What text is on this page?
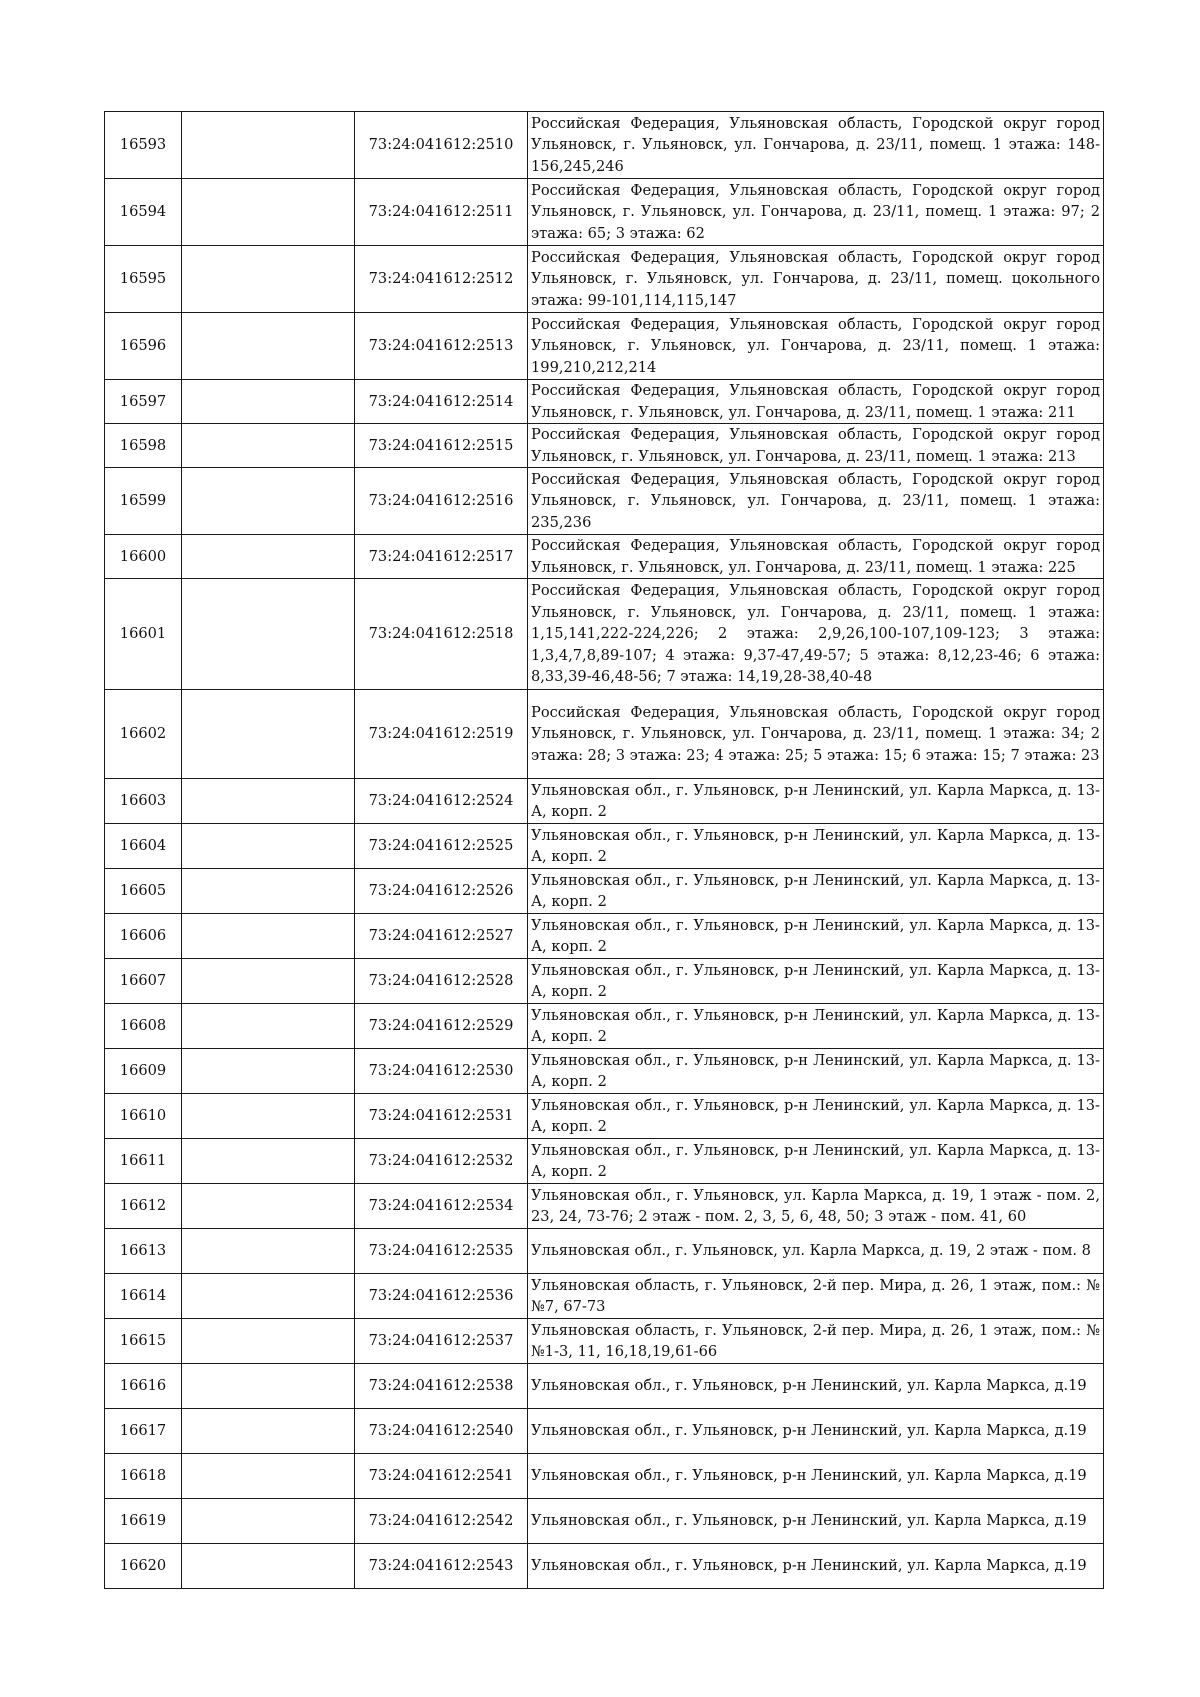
16593		73:24:041612:2510	Российская Федерация, Ульяновская область, Городской округ город Ульяновск, г. Ульяновск, ул. Гончарова, д. 23/11, помещ. 1 этажа: 148-156,245,246
16594		73:24:041612:2511	Российская Федерация, Ульяновская область, Городской округ город Ульяновск, г. Ульяновск, ул. Гончарова, д. 23/11, помещ. 1 этажа: 97; 2 этажа: 65; 3 этажа: 62
16595		73:24:041612:2512	Российская Федерация, Ульяновская область, Городской округ город Ульяновск, г. Ульяновск, ул. Гончарова, д. 23/11, помещ. цокольного этажа: 99-101,114,115,147
16596		73:24:041612:2513	Российская Федерация, Ульяновская область, Городской округ город Ульяновск, г. Ульяновск, ул. Гончарова, д. 23/11, помещ. 1 этажа: 199,210,212,214
16597		73:24:041612:2514	Российская Федерация, Ульяновская область, Городской округ город Ульяновск, г. Ульяновск, ул. Гончарова, д. 23/11, помещ. 1 этажа: 211
16598		73:24:041612:2515	Российская Федерация, Ульяновская область, Городской округ город Ульяновск, г. Ульяновск, ул. Гончарова, д. 23/11, помещ. 1 этажа: 213
16599		73:24:041612:2516	Российская Федерация, Ульяновская область, Городской округ город Ульяновск, г. Ульяновск, ул. Гончарова, д. 23/11, помещ. 1 этажа: 235,236
16600		73:24:041612:2517	Российская Федерация, Ульяновская область, Городской округ город Ульяновск, г. Ульяновск, ул. Гончарова, д. 23/11, помещ. 1 этажа: 225
16601		73:24:041612:2518	Российская Федерация, Ульяновская область, Городской округ город Ульяновск, г. Ульяновск, ул. Гончарова, д. 23/11, помещ. 1 этажа: 1,15,141,222-224,226; 2 этажа: 2,9,26,100-107,109-123; 3 этажа: 1,3,4,7,8,89-107; 4 этажа: 9,37-47,49-57; 5 этажа: 8,12,23-46; 6 этажа: 8,33,39-46,48-56; 7 этажа: 14,19,28-38,40-48
16602		73:24:041612:2519	Российская Федерация, Ульяновская область, Городской округ город Ульяновск, г. Ульяновск, ул. Гончарова, д. 23/11, помещ. 1 этажа: 34; 2 этажа: 28; 3 этажа: 23; 4 этажа: 25; 5 этажа: 15; 6 этажа: 15; 7 этажа: 23
16603		73:24:041612:2524	Ульяновская обл., г. Ульяновск, р-н Ленинский, ул. Карла Маркса, д. 13-А, корп. 2
16604		73:24:041612:2525	Ульяновская обл., г. Ульяновск, р-н Ленинский, ул. Карла Маркса, д. 13-А, корп. 2
16605		73:24:041612:2526	Ульяновская обл., г. Ульяновск, р-н Ленинский, ул. Карла Маркса, д. 13-А, корп. 2
16606		73:24:041612:2527	Ульяновская обл., г. Ульяновск, р-н Ленинский, ул. Карла Маркса, д. 13-А, корп. 2
16607		73:24:041612:2528	Ульяновская обл., г. Ульяновск, р-н Ленинский, ул. Карла Маркса, д. 13-А, корп. 2
16608		73:24:041612:2529	Ульяновская обл., г. Ульяновск, р-н Ленинский, ул. Карла Маркса, д. 13-А, корп. 2
16609		73:24:041612:2530	Ульяновская обл., г. Ульяновск, р-н Ленинский, ул. Карла Маркса, д. 13-А, корп. 2
16610		73:24:041612:2531	Ульяновская обл., г. Ульяновск, р-н Ленинский, ул. Карла Маркса, д. 13-А, корп. 2
16611		73:24:041612:2532	Ульяновская обл., г. Ульяновск, р-н Ленинский, ул. Карла Маркса, д. 13-А, корп. 2
16612		73:24:041612:2534	Ульяновская обл., г. Ульяновск, ул. Карла Маркса, д. 19, 1 этаж - пом. 2, 23, 24, 73-76; 2 этаж - пом. 2, 3, 5, 6, 48, 50; 3 этаж - пом. 41, 60
16613		73:24:041612:2535	Ульяновская обл., г. Ульяновск, ул. Карла Маркса, д. 19, 2 этаж - пом. 8
16614		73:24:041612:2536	Ульяновская область, г. Ульяновск, 2-й пер. Мира, д. 26, 1 этаж, пом.: №№7, 67-73
16615		73:24:041612:2537	Ульяновская область, г. Ульяновск, 2-й пер. Мира, д. 26, 1 этаж, пом.: №№1-3, 11, 16,18,19,61-66
16616		73:24:041612:2538	Ульяновская обл., г. Ульяновск, р-н Ленинский, ул. Карла Маркса, д.19
16617		73:24:041612:2540	Ульяновская обл., г. Ульяновск, р-н Ленинский, ул. Карла Маркса, д.19
16618		73:24:041612:2541	Ульяновская обл., г. Ульяновск, р-н Ленинский, ул. Карла Маркса, д.19
16619		73:24:041612:2542	Ульяновская обл., г. Ульяновск, р-н Ленинский, ул. Карла Маркса, д.19
16620		73:24:041612:2543	Ульяновская обл., г. Ульяновск, р-н Ленинский, ул. Карла Маркса, д.19
